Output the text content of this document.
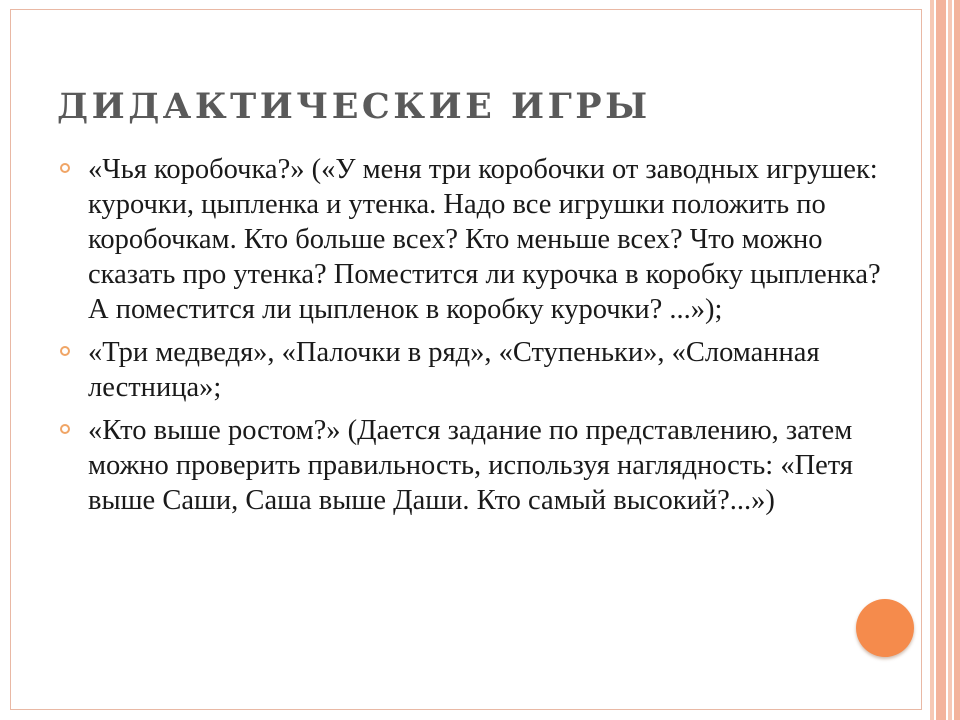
ДИДАКТИЧЕСКИЕ ИГРЫ
«Чья коробочка?» («У меня три коробочки от заводных игрушек: курочки, цыпленка и утенка. Надо все игрушки положить по коробочкам. Кто больше всех? Кто меньше всех? Что можно сказать про утенка? Поместится ли курочка в коробку цыпленка? А поместится ли цыпленок в коробку курочки? ...»);
«Три медведя», «Палочки в ряд», «Ступеньки», «Сломанная лестница»;
«Кто выше ростом?» (Дается задание по представлению, затем можно проверить правильность, используя наглядность: «Петя выше Саши, Саша выше Даши. Кто самый высокий?...»)
